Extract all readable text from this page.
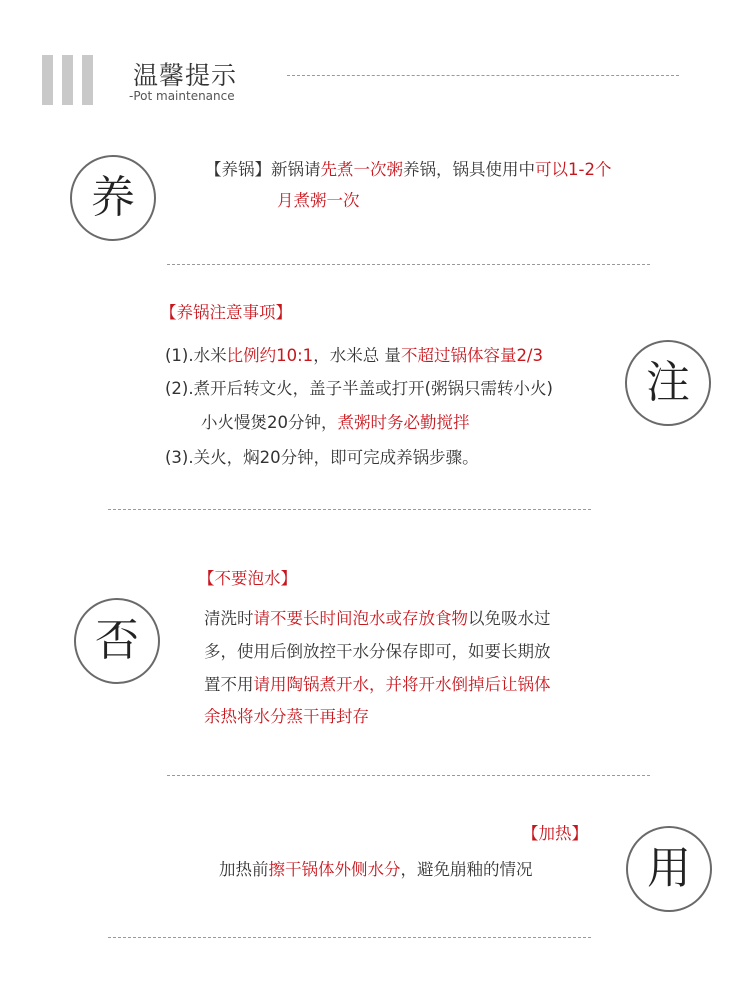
温馨提示
-Pot maintenance
养
【养锅】新锅请先煮一次粥养锅，锅具使用中可以1-2个
月煮粥一次
【养锅注意事项】
(1).水米比例约10:1，水米总 量不超过锅体容量2/3
(2).煮开后转文火，盖子半盖或打开(粥锅只需转小火)
小火慢煲20分钟，煮粥时务必勤搅拌
(3).关火，焖20分钟，即可完成养锅步骤。
注
【不要泡水】
否	清洗时请不要长时间泡水或存放食物以免吸水过
多，使用后倒放控干水分保存即可，如要长期放
置不用请用陶锅煮开水，并将开水倒掉后让锅体
余热将水分蒸干再封存
【加热】
加热前擦干锅体外侧水分，避免崩釉的情况	用
